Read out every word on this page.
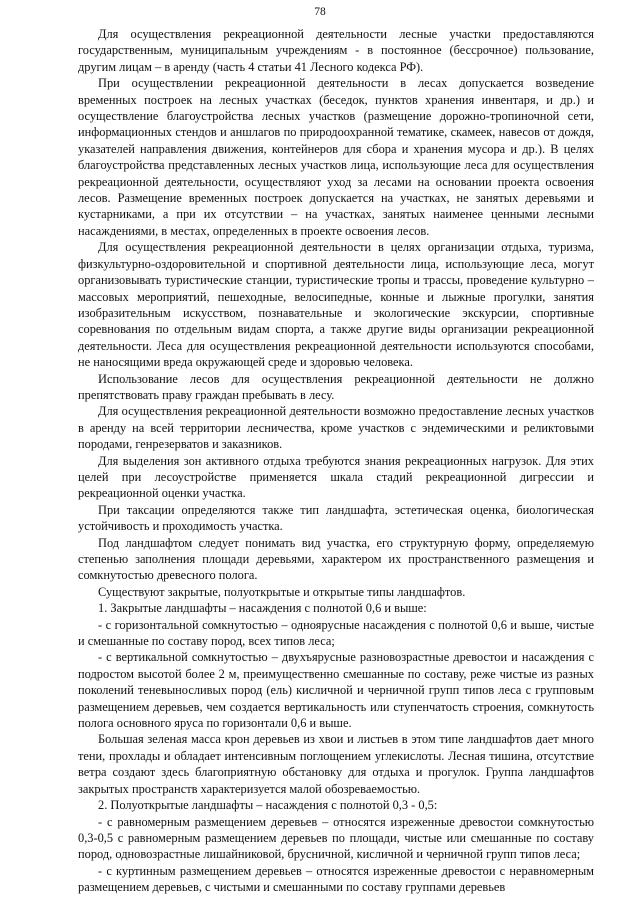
78

Для осуществления рекреационной деятельности лесные участки предоставляются государственным, муниципальным учреждениям - в постоянное (бессрочное) пользование, другим лицам – в аренду (часть 4 статьи 41 Лесного кодекса РФ).

При осуществлении рекреационной деятельности в лесах допускается возведение временных построек на лесных участках (беседок, пунктов хранения инвентаря, и др.) и осуществление благоустройства лесных участков (размещение дорожно-тропиночной сети, информационных стендов и аншлагов по природоохранной тематике, скамеек, навесов от дождя, указателей направления движения, контейнеров для сбора и хранения мусора и др.). В целях благоустройства представленных лесных участков лица, использующие леса для осуществления рекреационной деятельности, осуществляют уход за лесами на основании проекта освоения лесов. Размещение временных построек допускается на участках, не занятых деревьями и кустарниками, а при их отсутствии – на участках, занятых наименее ценными лесными насаждениями, в местах, определенных в проекте освоения лесов.

Для осуществления рекреационной деятельности в целях организации отдыха, туризма, физкультурно-оздоровительной и спортивной деятельности лица, использующие леса, могут организовывать туристические станции, туристические тропы и трассы, проведение культурно – массовых мероприятий, пешеходные, велосипедные, конные и лыжные прогулки, занятия изобразительным искусством, познавательные и экологические экскурсии, спортивные соревнования по отдельным видам спорта, а также другие виды организации рекреационной деятельности. Леса для осуществления рекреационной деятельности используются способами, не наносящими вреда окружающей среде и здоровью человека.

Использование лесов для осуществления рекреационной деятельности не должно препятствовать праву граждан пребывать в лесу.

Для осуществления рекреационной деятельности возможно предоставление лесных участков в аренду на всей территории лесничества, кроме участков с эндемическими и реликтовыми породами, генрезерватов и заказников.

Для выделения зон активного отдыха требуются знания рекреационных нагрузок. Для этих целей при лесоустройстве применяется шкала стадий рекреационной дигрессии и рекреационной оценки участка.

При таксации определяются также тип ландшафта, эстетическая оценка, биологическая устойчивость и проходимость участка.

Под ландшафтом следует понимать вид участка, его структурную форму, определяемую степенью заполнения площади деревьями, характером их пространственного размещения и сомкнутостью древесного полога.

Существуют закрытые, полуоткрытые и открытые типы ландшафтов.

1. Закрытые ландшафты – насаждения с полнотой 0,6 и выше:

- с горизонтальной сомкнутостью – одноярусные насаждения с полнотой 0,6 и выше, чистые и смешанные по составу пород, всех типов леса;

- с вертикальной сомкнутостью – двухъярусные разновозрастные древостои и насаждения с подростом высотой более 2 м, преимущественно смешанные по составу, реже чистые из разных поколений теневыносливых пород (ель) кисличной и черничной групп типов леса с групповым размещением деревьев, чем создается вертикальность или ступенчатость строения, сомкнутость полога основного яруса по горизонтали 0,6 и выше.

Большая зеленая масса крон деревьев из хвои и листьев в этом типе ландшафтов дает много тени, прохлады и обладает интенсивным поглощением углекислоты. Лесная тишина, отсутствие ветра создают здесь благоприятную обстановку для отдыха и прогулок. Группа ландшафтов закрытых пространств характеризуется малой обозреваемостью.

2. Полуоткрытые ландшафты – насаждения с полнотой 0,3 - 0,5:

- с равномерным размещением деревьев – относятся изреженные древостои сомкнутостью 0,3-0,5 с равномерным размещением деревьев по площади, чистые или смешанные по составу пород, одновозрастные лишайниковой, брусничной, кисличной и черничной групп типов леса;

- с куртинным размещением деревьев – относятся изреженные древостои с неравномерным размещением деревьев, с чистыми и смешанными по составу группами деревьев
